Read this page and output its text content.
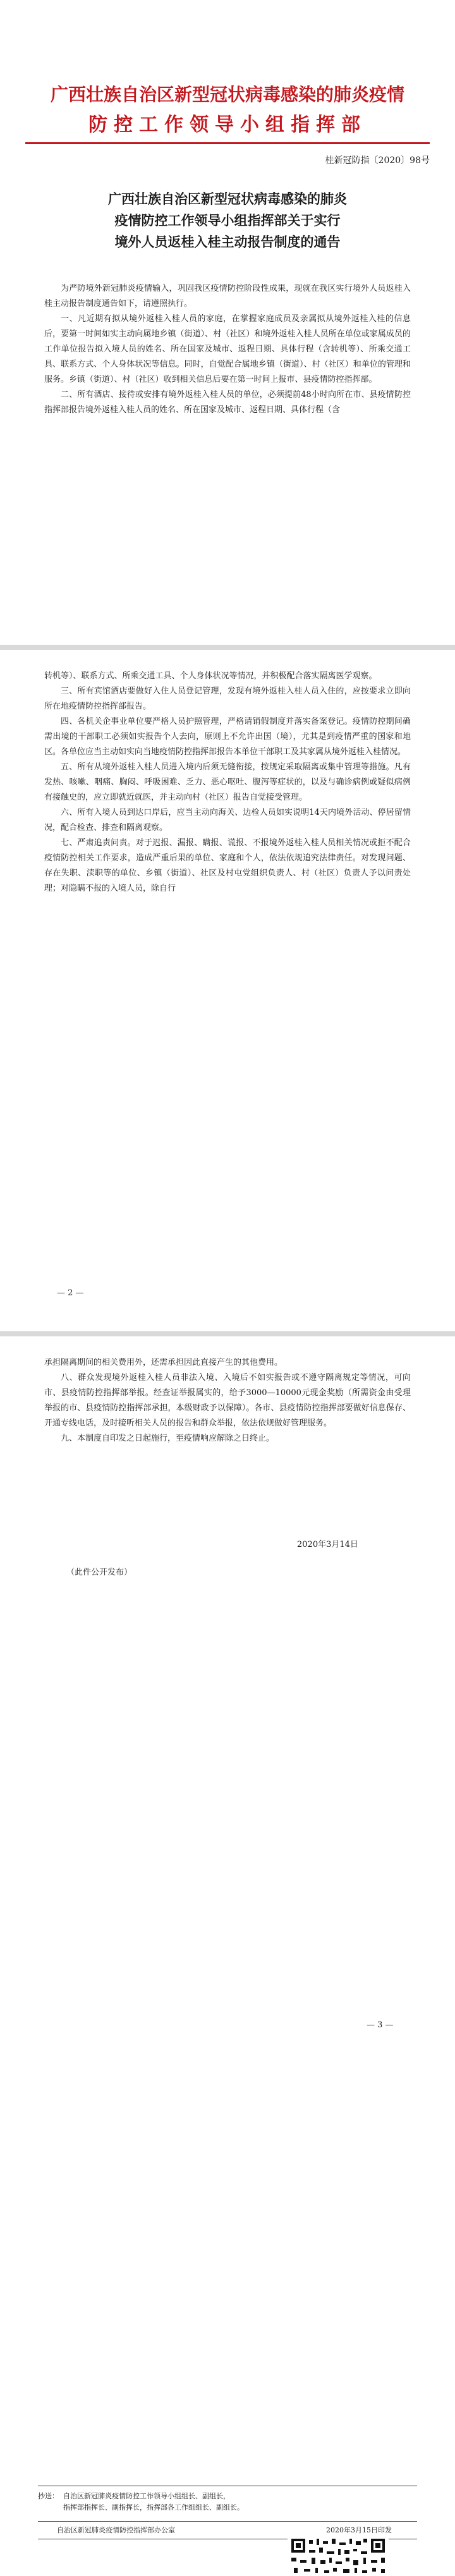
广西壮族自治区新型冠状病毒感染的肺炎疫情
防控工作领导小组指挥部
桂新冠防指〔2020〕98号
广西壮族自治区新型冠状病毒感染的肺炎
疫情防控工作领导小组指挥部关于实行
境外人员返桂入桂主动报告制度的通告

为严防境外新冠肺炎疫情输入，巩固我区疫情防控阶段性成果，现就在我区实行境外人员返桂入桂主动报告制度通告如下，请遵照执行。

一、凡近期有拟从境外返桂入桂人员的家庭，在掌握家庭成员及亲属拟从境外返桂入桂的信息后，要第一时间如实主动向属地乡镇（街道）、村（社区）和境外返桂入桂人员所在单位或家属成员的工作单位报告拟入境人员的姓名、所在国家及城市、返程日期、具体行程（含转机等）、所乘交通工具、联系方式、个人身体状况等信息。同时，自觉配合属地乡镇（街道）、村（社区）和单位的管理和服务。乡镇（街道）、村（社区）收到相关信息后要在第一时间上报市、县疫情防控指挥部。

二、所有酒店、接待或安排有境外返桂入桂人员的单位，必须提前48小时向所在市、县疫情防控指挥部报告境外返桂入桂人员的姓名、所在国家及城市、返程日期、具体行程（含

转机等）、联系方式、所乘交通工具、个人身体状况等情况，并积极配合落实隔离医学观察。

三、所有宾馆酒店要做好入住人员登记管理，发现有境外返桂入桂人员入住的，应按要求立即向所在地疫情防控指挥部报告。

四、各机关企事业单位要严格人员护照管理，严格请销假制度并落实备案登记。疫情防控期间确需出境的干部职工必须如实报告个人去向，原则上不允许出国（境），尤其是到疫情严重的国家和地区。各单位应当主动如实向当地疫情防控指挥部报告本单位干部职工及其家属从境外返桂入桂情况。

五、所有从境外返桂入桂人员进入境内后须无缝衔接，按规定采取隔离或集中管理等措施。凡有发热、咳嗽、咽痛、胸闷、呼吸困难、乏力、恶心呕吐、腹泻等症状的，以及与确诊病例或疑似病例有接触史的，应立即就近就医，并主动向村（社区）报告自觉接受管理。

六、所有入境人员到达口岸后，应当主动向海关、边检人员如实说明14天内境外活动、停居留情况，配合检查、排查和隔离观察。

七、严肃追责问责。对于迟报、漏报、瞒报、谎报、不报境外返桂入桂人员相关情况或拒不配合疫情防控相关工作要求，造成严重后果的单位、家庭和个人，依法依规追究法律责任。对发现问题、存在失职、渎职等的单位、乡镇（街道）、社区及村屯党组织负责人、村（社区）负责人予以问责处理；对隐瞒不报的入境人员，除自行

— 2 —

承担隔离期间的相关费用外，还需承担因此直接产生的其他费用。

八、群众发现境外返桂入桂人员非法入境、入境后不如实报告或不遵守隔离规定等情况，可向市、县疫情防控指挥部举报。经查证举报属实的，给予3000—10000元现金奖励（所需资金由受理举报的市、县疫情防控指挥部承担，本级财政予以保障）。各市、县疫情防控指挥部要做好信息保存、开通专线电话，及时接听相关人员的报告和群众举报，依法依规做好管理服务。

九、本制度自印发之日起施行，至疫情响应解除之日终止。

2020年3月14日
（此件公开发布）
— 3 —
抄送： 自治区新冠肺炎疫情防控工作领导小组组长、副组长，
指挥部指挥长、副指挥长，指挥部各工作组组长、副组长。
自治区新冠肺炎疫情防控指挥部办公室	2020年3月15日印发
